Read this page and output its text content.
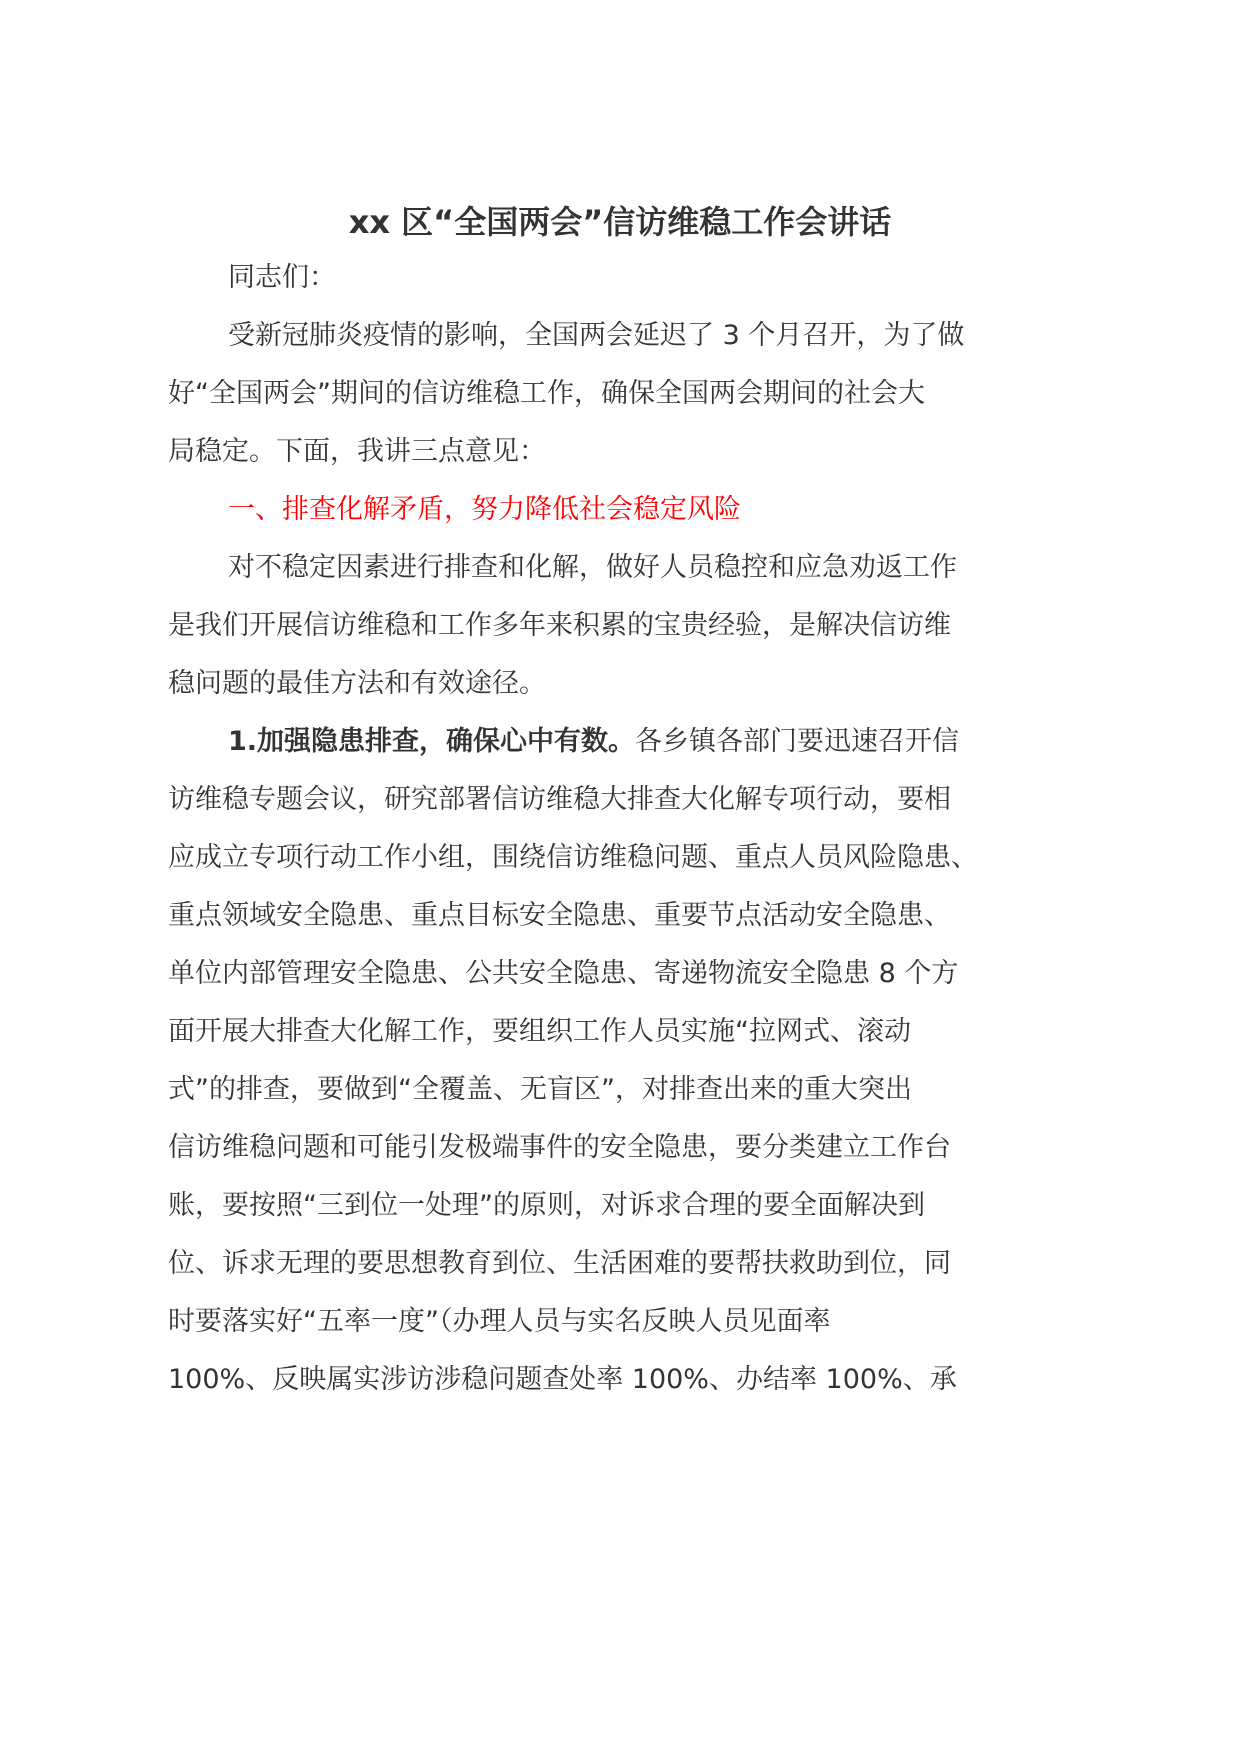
xx 区“全国两会”信访维稳工作会讲话
同志们：
受新冠肺炎疫情的影响，全国两会延迟了 3 个月召开，为了做
好“全国两会”期间的信访维稳工作，确保全国两会期间的社会大
局稳定。下面，我讲三点意见：
一、排查化解矛盾，努力降低社会稳定风险
对不稳定因素进行排查和化解，做好人员稳控和应急劝返工作
是我们开展信访维稳和工作多年来积累的宝贵经验，是解决信访维
稳问题的最佳方法和有效途径。
1.加强隐患排查，确保心中有数。各乡镇各部门要迅速召开信
访维稳专题会议，研究部署信访维稳大排查大化解专项行动，要相
应成立专项行动工作小组，围绕信访维稳问题、重点人员风险隐患、
重点领域安全隐患、重点目标安全隐患、重要节点活动安全隐患、
单位内部管理安全隐患、公共安全隐患、寄递物流安全隐患 8 个方
面开展大排查大化解工作，要组织工作人员实施“拉网式、滚动
式”的排查，要做到“全覆盖、无盲区”，对排查出来的重大突出
信访维稳问题和可能引发极端事件的安全隐患，要分类建立工作台
账，要按照“三到位一处理”的原则，对诉求合理的要全面解决到
位、诉求无理的要思想教育到位、生活困难的要帮扶救助到位，同
时要落实好“五率一度”（办理人员与实名反映人员见面率
100%、反映属实涉访涉稳问题查处率 100%、办结率 100%、承
